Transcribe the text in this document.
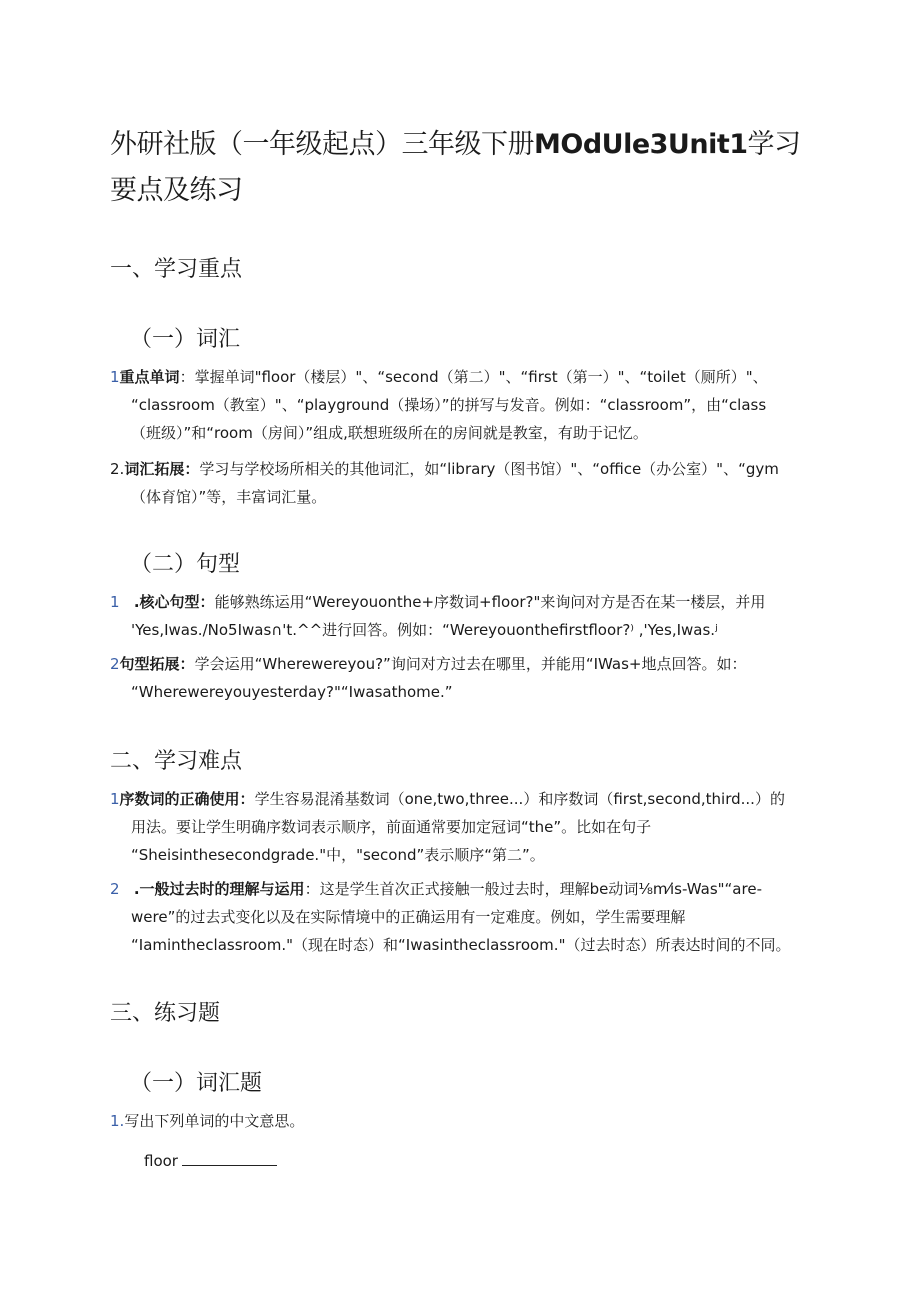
外研社版（一年级起点）三年级下册MOdUle3Unit1学习要点及练习
一、学习重点
（一）词汇

1重点单词：掌握单词"floor（楼层）"、“second（第二）"、“first（第一）"、“toilet（厕所）"、
“classroom（教室）"、“playground（操场）”的拼写与发音。例如：“classroom”，由“class
（班级）”和“room（房间）”组成,联想班级所在的房间就是教室，有助于记忆。

2.词汇拓展：学习与学校场所相关的其他词汇，如“library（图书馆）"、“office（办公室）"、“gym
（体育馆）”等，丰富词汇量。

（二）句型

1 .核心句型：能够熟练运用“Wereyouonthe+序数词+floor?"来询问对方是否在某一楼层，并用
'Yes,Iwas./No5Iwas∩'t.^^进行回答。例如：“Wereyouonthefirstfloor?⁾ ,'Yes,Iwas.ʲ

2句型拓展：学会运用“Wherewereyou?”询问对方过去在哪里，并能用“IWas+地点回答。如：
“Wherewereyouyesterday?"“Iwasathome.”

二、学习难点

1序数词的正确使用：学生容易混淆基数词（one,two,three...）和序数词（first,second,third...）的
用法。要让学生明确序数词表示顺序，前面通常要加定冠词“the”。比如在句子
“Sheisinthesecondgrade."中，"second”表示顺序“第二”。

2 .一般过去时的理解与运用：这是学生首次正式接触一般过去时，理解be动词⅛m⁄is-Was"“are-
were”的过去式变化以及在实际情境中的正确运用有一定难度。例如，学生需要理解
“Iamintheclassroom."（现在时态）和“Iwasintheclassroom."（过去时态）所表达时间的不同。

三、练习题
（一）词汇题

1.写出下列单词的中文意思。

floor
